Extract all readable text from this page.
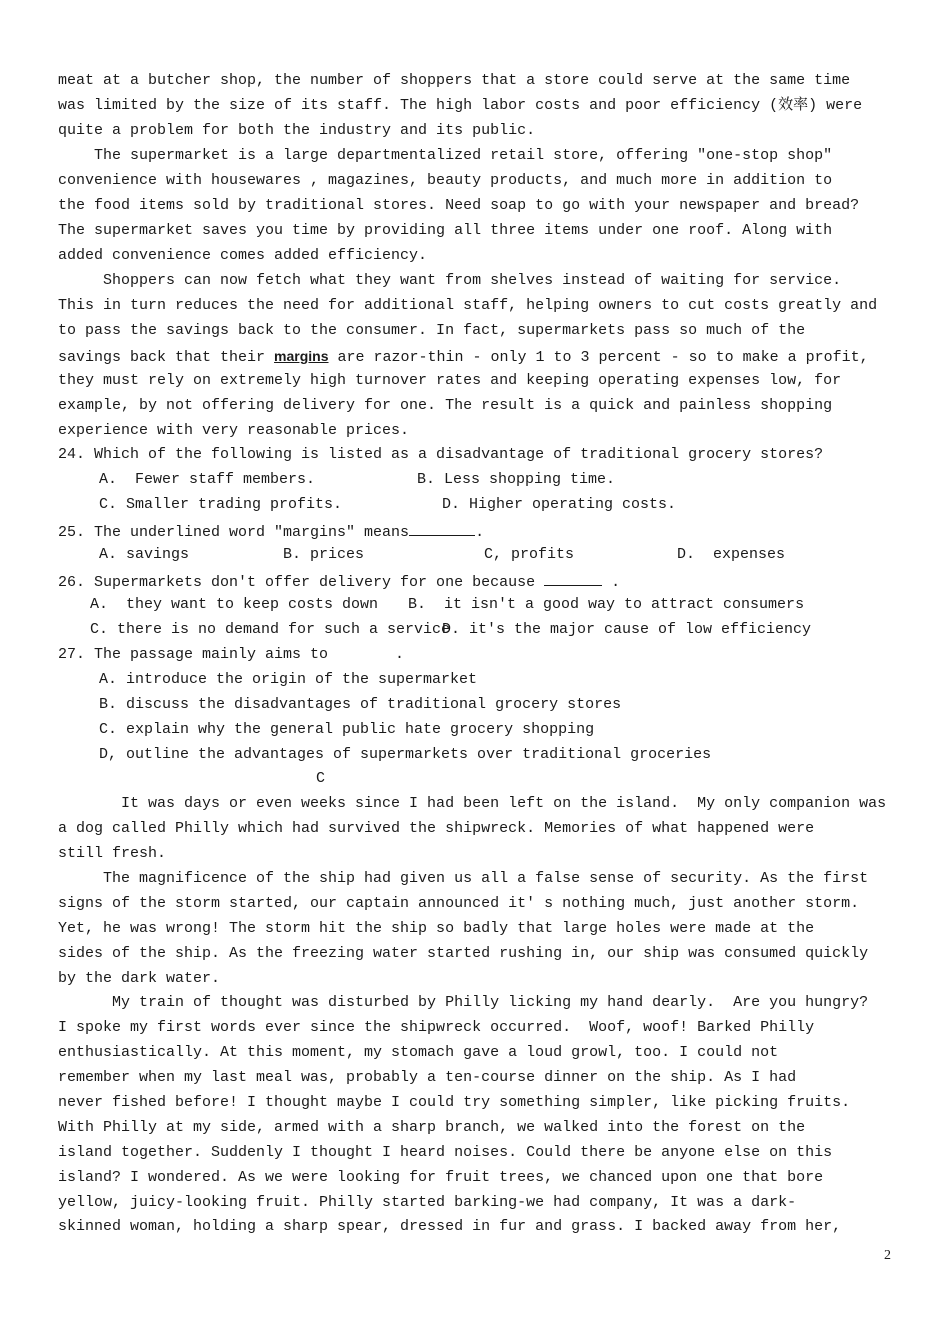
meat at a butcher shop, the number of shoppers that a store could serve at the same time
was limited by the size of its staff. The high labor costs and poor efficiency (效率) were
quite a problem for both the industry and its public.
The supermarket is a large departmentalized retail store, offering "one-stop shop"
convenience with housewares , magazines, beauty products, and much more in addition to
the food items sold by traditional stores. Need soap to go with your newspaper and bread?
The supermarket saves you time by providing all three items under one roof. Along with
added convenience comes added efficiency.
Shoppers can now fetch what they want from shelves instead of waiting for service.
This in turn reduces the need for additional staff, helping owners to cut costs greatly and
to pass the savings back to the consumer. In fact, supermarkets pass so much of the
savings back that their margins are razor-thin - only 1 to 3 percent - so to make a profit,
they must rely on extremely high turnover rates and keeping operating expenses low, for
example, by not offering delivery for one. The result is a quick and painless shopping
experience with very reasonable prices.
24. Which of the following is listed as a disadvantage of traditional grocery stores?
A.  Fewer staff members.	B. Less shopping time.
C. Smaller trading profits.	D. Higher operating costs.
25. The underlined word "margins" means	.
A. savings	B. prices	C, profits	D.  expenses
26. Supermarkets don't offer delivery for one because	.
A.  they want to keep costs down B.  it isn't a good way to attract consumers
C. there is no demand for such a service
D. it's the major cause of low efficiency
27. The passage mainly aims to	.
A. introduce the origin of the supermarket
B. discuss the disadvantages of traditional grocery stores
C. explain why the general public hate grocery shopping
D, outline the advantages of supermarkets over traditional groceries
C
It was days or even weeks since I had been left on the island.  My only companion was
a dog called Philly which had survived the shipwreck. Memories of what happened were
still fresh.
The magnificence of the ship had given us all a false sense of security. As the first
signs of the storm started, our captain announced it' s nothing much, just another storm.
Yet, he was wrong! The storm hit the ship so badly that large holes were made at the
sides of the ship. As the freezing water started rushing in, our ship was consumed quickly
by the dark water.
My train of thought was disturbed by Philly licking my hand dearly.  Are you hungry?
I spoke my first words ever since the shipwreck occurred.  Woof, woof! Barked Philly
enthusiastically. At this moment, my stomach gave a loud growl, too. I could not
remember when my last meal was, probably a ten-course dinner on the ship. As I had
never fished before! I thought maybe I could try something simpler, like picking fruits.
With Philly at my side, armed with a sharp branch, we walked into the forest on the
island together. Suddenly I thought I heard noises. Could there be anyone else on this
island? I wondered. As we were looking for fruit trees, we chanced upon one that bore
yellow, juicy-looking fruit. Philly started barking-we had company, It was a dark-
skinned woman, holding a sharp spear, dressed in fur and grass. I backed away from her,
2
